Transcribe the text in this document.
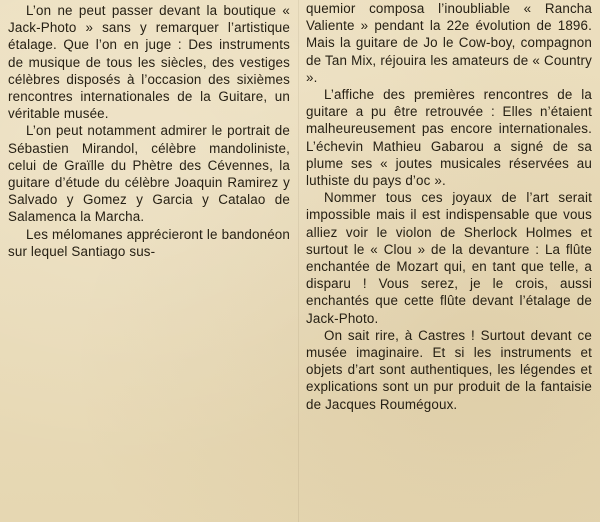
L’on ne peut passer devant la boutique « Jack-Photo » sans y remarquer l’artistique étalage. Que l’on en juge : Des instruments de musique de tous les siècles, des vestiges célèbres disposés à l’occasion des sixièmes rencontres internationales de la Guitare, un véritable musée.

L’on peut notamment admirer le portrait de Sébastien Mirandol, célèbre mandoliniste, celui de Graïlle du Phètre des Cévennes, la guitare d’étude du célèbre Joaquin Ramirez y Salvado y Gomez y Garcia y Catalao de Salamenca la Marcha.

Les mélomanes apprécieront le bandonéon sur lequel Santiago sus-

quemior composa l’inoubliable « Rancha Valiente » pendant la 22e évolution de 1896. Mais la guitare de Jo le Cow-boy, compagnon de Tan Mix, réjouira les amateurs de « Country ».

L’affiche des premières rencontres de la guitare a pu être retrouvée : Elles n’étaient malheureusement pas encore internationales. L’échevin Mathieu Gabarou a signé de sa plume ses « joutes musicales réservées au luthiste du pays d’oc ».

Nommer tous ces joyaux de l’art serait impossible mais il est indispensable que vous alliez voir le violon de Sherlock Holmes et surtout le « Clou » de la devanture : La flûte enchantée de Mozart qui, en tant que telle, a disparu ! Vous serez, je le crois, aussi enchantés que cette flûte devant l’étalage de Jack-Photo.

On sait rire, à Castres ! Surtout devant ce musée imaginaire. Et si les instruments et objets d’art sont authentiques, les légendes et explications sont un pur produit de la fantaisie de Jacques Roumégoux.
